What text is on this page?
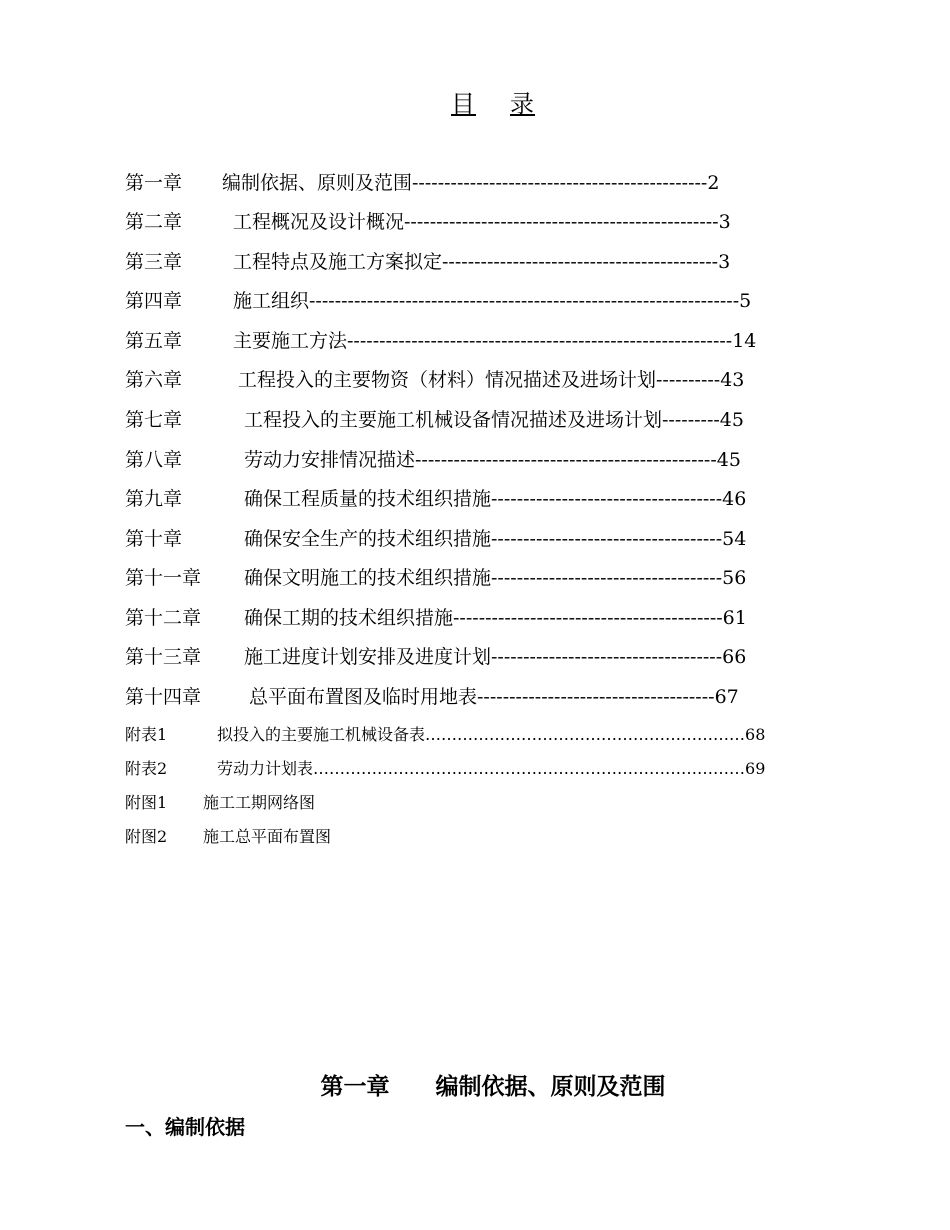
目 录
第一章 编制依据、原则及范围----------------------------------------------2
第二章	工程概况及设计概况-------------------------------------------------3
第三章	工程特点及施工方案拟定-------------------------------------------3
第四章	施工组织-------------------------------------------------------------------5
第五章	主要施工方法------------------------------------------------------------14
第六章	工程投入的主要物资（材料）情况描述及进场计划----------43
第七章	工程投入的主要施工机械设备情况描述及进场计划---------45
第八章	劳动力安排情况描述-----------------------------------------------45
第九章	确保工程质量的技术组织措施------------------------------------46
第十章	确保安全生产的技术组织措施------------------------------------54
第十一章 确保文明施工的技术组织措施------------------------------------56
第十二章 确保工期的技术组织措施------------------------------------------61
第十三章 施工进度计划安排及进度计划------------------------------------66
第十四章	总平面布置图及临时用地表-------------------------------------67
附表1	拟投入的主要施工机械设备表……………………………………………………68
附表2	劳动力计划表………………………………………………………………………69
附图1 施工工期网络图
附图2 施工总平面布置图
第一章 编制依据、原则及范围
一、编制依据
